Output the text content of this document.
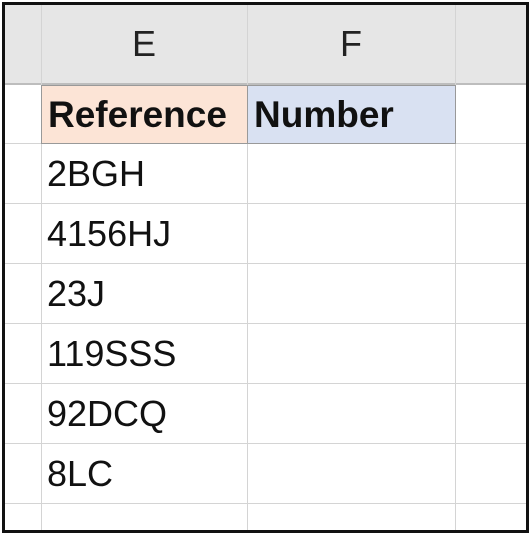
E	F
Reference Number
2BGH
4156HJ
23J
119SSS
92DCQ
8LC
